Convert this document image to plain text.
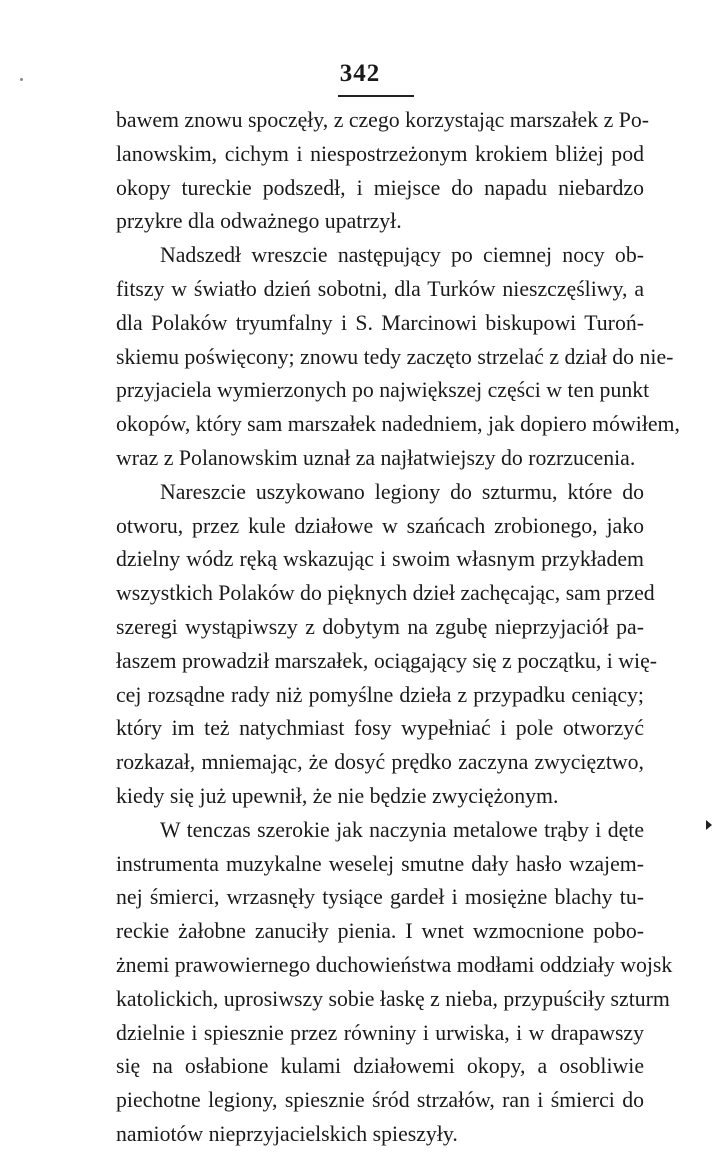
342
bawem znowu spoczęły, z czego korzystając marszałek z Po-
lanowskim, cichym i niespostrzeżonym krokiem bliżej pod
okopy tureckie podszedł, i miejsce do napadu niebardzo
przykre dla odważnego upatrzył.
Nadszedł wreszcie następujący po ciemnej nocy ob-
fitszy w światło dzień sobotni, dla Turków nieszczęśliwy, a
dla Polaków tryumfalny i S. Marcinowi biskupowi Turoń-
skiemu poświęcony; znowu tedy zaczęto strzelać z dział do nie-
przyjaciela wymierzonych po największej części w ten punkt
okopów, który sam marszałek nadedniem, jak dopiero mówiłem,
wraz z Polanowskim uznał za najłatwiejszy do rozrzucenia.
Nareszcie uszykowano legiony do szturmu, które do
otworu, przez kule działowe w szańcach zrobionego, jako
dzielny wódz ręką wskazując i swoim własnym przykładem
wszystkich Polaków do pięknych dzieł zachęcając, sam przed
szeregi wystąpiwszy z dobytym na zgubę nieprzyjaciół pa-
łaszem prowadził marszałek, ociągający się z początku, i wię-
cej rozsądne rady niż pomyślne dzieła z przypadku ceniący;
który im też natychmiast fosy wypełniać i pole otworzyć
rozkazał, mniemając, że dosyć prędko zaczyna zwycięztwo,
kiedy się już upewnił, że nie będzie zwyciężonym.
W tenczas szerokie jak naczynia metalowe trąby i dęte
instrumenta muzykalne weselej smutne dały hasło wzajem-
nej śmierci, wrzasnęły tysiące gardeł i mosiężne blachy tu-
reckie żałobne zanuciły pienia. I wnet wzmocnione pobo-
żnemi prawowiernego duchowieństwa modłami oddziały wojsk
katolickich, uprosiwszy sobie łaskę z nieba, przypuściły szturm
dzielnie i spiesznie przez równiny i urwiska, i w drapawszy
się na osłabione kulami działowemi okopy, a osobliwie
piechotne legiony, spiesznie śród strzałów, ran i śmierci do
namiotów nieprzyjacielskich spieszyły.
